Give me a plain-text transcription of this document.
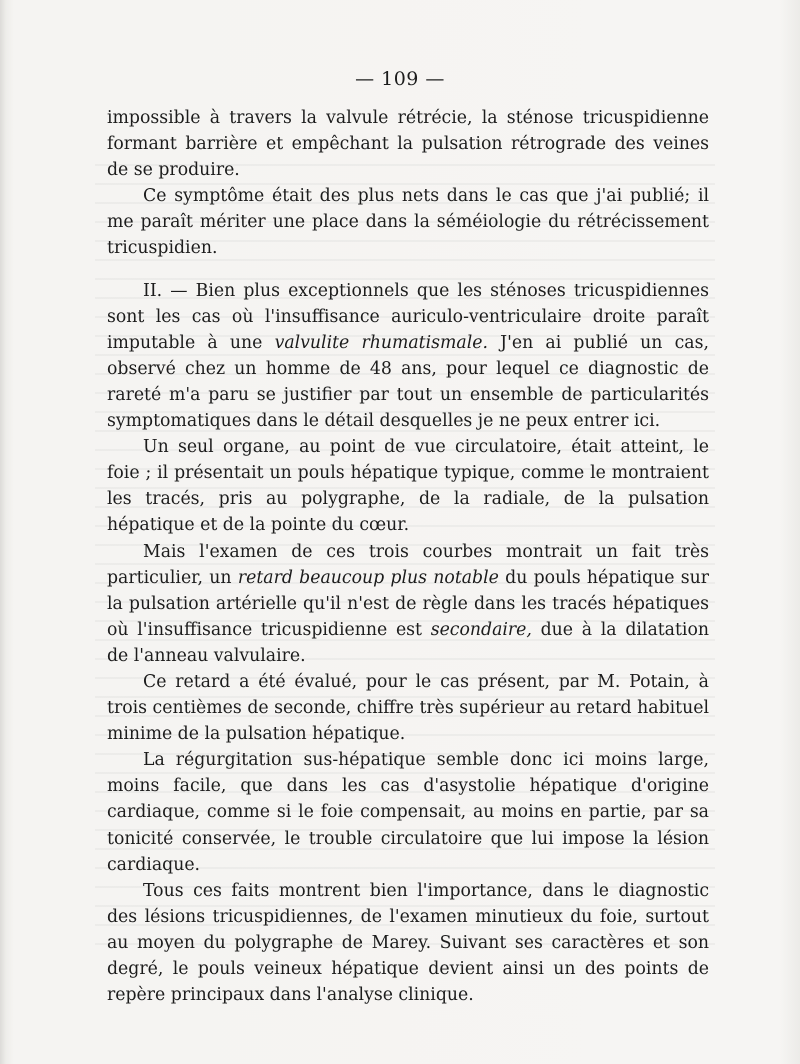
— 109 —

impossible à travers la valvule rétrécie, la sténose tricuspidienne formant barrière et empêchant la pulsation rétrograde des veines de se produire.

Ce symptôme était des plus nets dans le cas que j'ai publié; il me paraît mériter une place dans la séméiologie du rétrécissement tricuspidien.

II. — Bien plus exceptionnels que les sténoses tricuspidiennes sont les cas où l'insuffisance auriculo-ventriculaire droite paraît imputable à une valvulite rhumatismale. J'en ai publié un cas, observé chez un homme de 48 ans, pour lequel ce diagnostic de rareté m'a paru se justifier par tout un ensemble de particularités symptomatiques dans le détail desquelles je ne peux entrer ici.

Un seul organe, au point de vue circulatoire, était atteint, le foie ; il présentait un pouls hépatique typique, comme le montraient les tracés, pris au polygraphe, de la radiale, de la pulsation hépatique et de la pointe du cœur.

Mais l'examen de ces trois courbes montrait un fait très particulier, un retard beaucoup plus notable du pouls hépatique sur la pulsation artérielle qu'il n'est de règle dans les tracés hépatiques où l'insuffisance tricuspidienne est secondaire, due à la dilatation de l'anneau valvulaire.

Ce retard a été évalué, pour le cas présent, par M. Potain, à trois centièmes de seconde, chiffre très supérieur au retard habituel minime de la pulsation hépatique.

La régurgitation sus-hépatique semble donc ici moins large, moins facile, que dans les cas d'asystolie hépatique d'origine cardiaque, comme si le foie compensait, au moins en partie, par sa tonicité conservée, le trouble circulatoire que lui impose la lésion cardiaque.

Tous ces faits montrent bien l'importance, dans le diagnostic des lésions tricuspidiennes, de l'examen minutieux du foie, surtout au moyen du polygraphe de Marey. Suivant ses caractères et son degré, le pouls veineux hépatique devient ainsi un des points de repère principaux dans l'analyse clinique.
